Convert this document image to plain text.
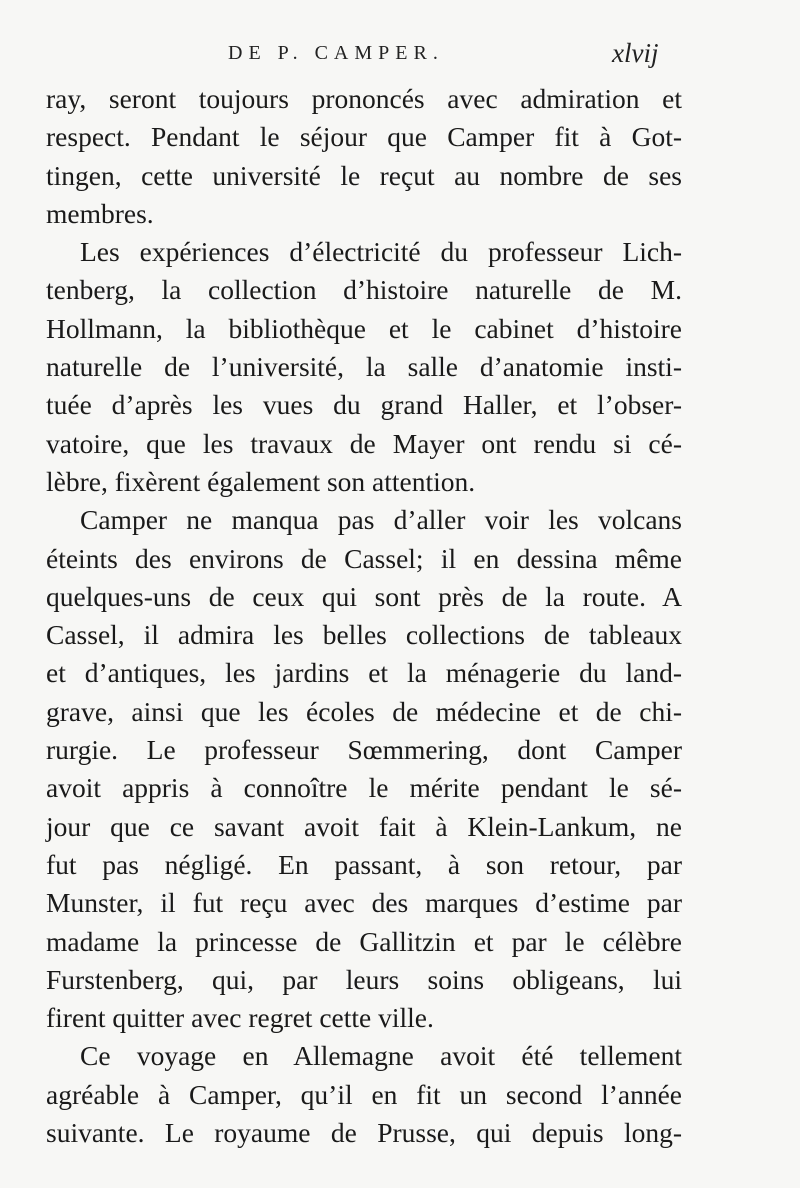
DE P. CAMPER.	xlvij
ray, seront toujours prononcés avec admiration et
respect. Pendant le séjour que Camper fit à Got-
tingen, cette université le reçut au nombre de ses
membres.
Les expériences d’électricité du professeur Lich-
tenberg, la collection d’histoire naturelle de M.
Hollmann, la bibliothèque et le cabinet d’histoire
naturelle de l’université, la salle d’anatomie insti-
tuée d’après les vues du grand Haller, et l’obser-
vatoire, que les travaux de Mayer ont rendu si cé-
lèbre, fixèrent également son attention.
Camper ne manqua pas d’aller voir les volcans
éteints des environs de Cassel; il en dessina même
quelques-uns de ceux qui sont près de la route. A
Cassel, il admira les belles collections de tableaux
et d’antiques, les jardins et la ménagerie du land-
grave, ainsi que les écoles de médecine et de chi-
rurgie. Le professeur Sœmmering, dont Camper
avoit appris à connoître le mérite pendant le sé-
jour que ce savant avoit fait à Klein-Lankum, ne
fut pas négligé. En passant, à son retour, par
Munster, il fut reçu avec des marques d’estime par
madame la princesse de Gallitzin et par le célèbre
Furstenberg, qui, par leurs soins obligeans, lui
firent quitter avec regret cette ville.
Ce voyage en Allemagne avoit été tellement
agréable à Camper, qu’il en fit un second l’année
suivante. Le royaume de Prusse, qui depuis long-
